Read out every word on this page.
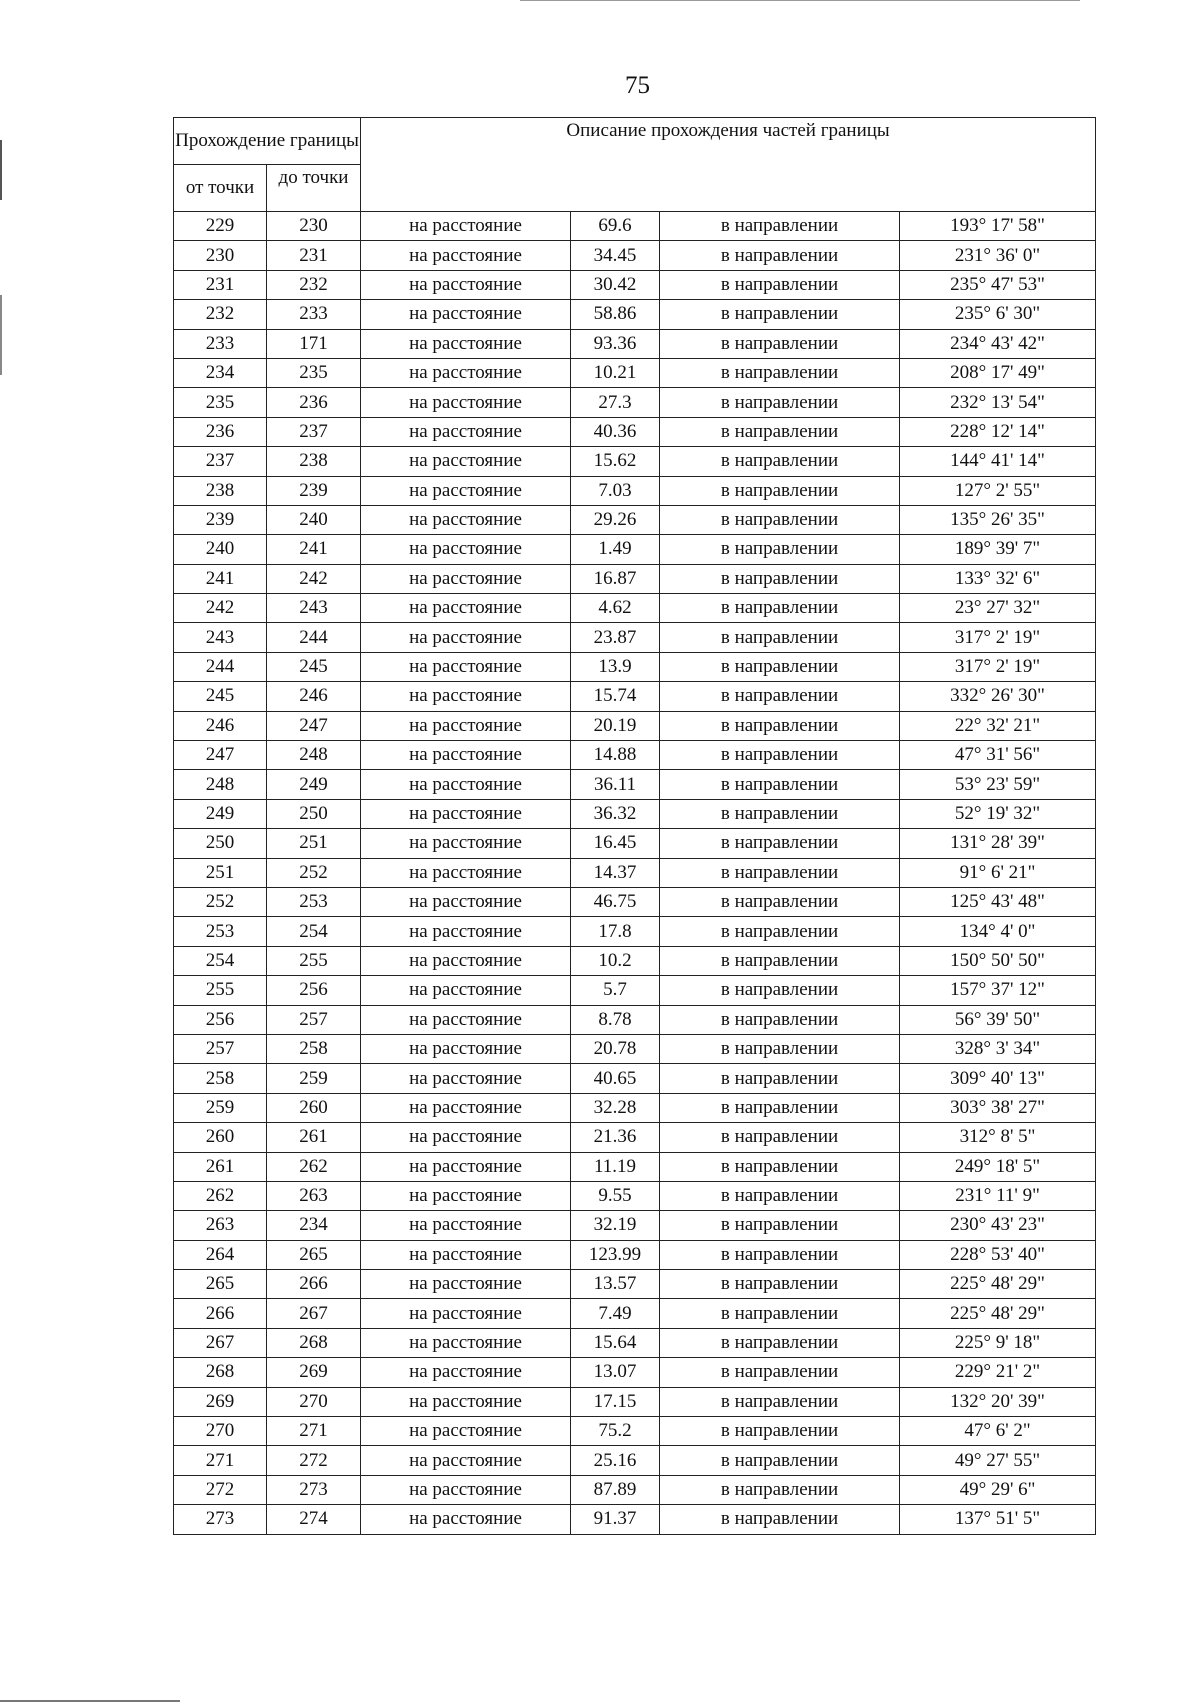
75
Прохождение границы		Описание прохождения частей границы			
от точки	до точки				
229	230	на расстояние	69.6	в направлении	193° 17' 58"
230	231	на расстояние	34.45	в направлении	231° 36' 0"
231	232	на расстояние	30.42	в направлении	235° 47' 53"
232	233	на расстояние	58.86	в направлении	235° 6' 30"
233	171	на расстояние	93.36	в направлении	234° 43' 42"
234	235	на расстояние	10.21	в направлении	208° 17' 49"
235	236	на расстояние	27.3	в направлении	232° 13' 54"
236	237	на расстояние	40.36	в направлении	228° 12' 14"
237	238	на расстояние	15.62	в направлении	144° 41' 14"
238	239	на расстояние	7.03	в направлении	127° 2' 55"
239	240	на расстояние	29.26	в направлении	135° 26' 35"
240	241	на расстояние	1.49	в направлении	189° 39' 7"
241	242	на расстояние	16.87	в направлении	133° 32' 6"
242	243	на расстояние	4.62	в направлении	23° 27' 32"
243	244	на расстояние	23.87	в направлении	317° 2' 19"
244	245	на расстояние	13.9	в направлении	317° 2' 19"
245	246	на расстояние	15.74	в направлении	332° 26' 30"
246	247	на расстояние	20.19	в направлении	22° 32' 21"
247	248	на расстояние	14.88	в направлении	47° 31' 56"
248	249	на расстояние	36.11	в направлении	53° 23' 59"
249	250	на расстояние	36.32	в направлении	52° 19' 32"
250	251	на расстояние	16.45	в направлении	131° 28' 39"
251	252	на расстояние	14.37	в направлении	91° 6' 21"
252	253	на расстояние	46.75	в направлении	125° 43' 48"
253	254	на расстояние	17.8	в направлении	134° 4' 0"
254	255	на расстояние	10.2	в направлении	150° 50' 50"
255	256	на расстояние	5.7	в направлении	157° 37' 12"
256	257	на расстояние	8.78	в направлении	56° 39' 50"
257	258	на расстояние	20.78	в направлении	328° 3' 34"
258	259	на расстояние	40.65	в направлении	309° 40' 13"
259	260	на расстояние	32.28	в направлении	303° 38' 27"
260	261	на расстояние	21.36	в направлении	312° 8' 5"
261	262	на расстояние	11.19	в направлении	249° 18' 5"
262	263	на расстояние	9.55	в направлении	231° 11' 9"
263	234	на расстояние	32.19	в направлении	230° 43' 23"
264	265	на расстояние	123.99	в направлении	228° 53' 40"
265	266	на расстояние	13.57	в направлении	225° 48' 29"
266	267	на расстояние	7.49	в направлении	225° 48' 29"
267	268	на расстояние	15.64	в направлении	225° 9' 18"
268	269	на расстояние	13.07	в направлении	229° 21' 2"
269	270	на расстояние	17.15	в направлении	132° 20' 39"
270	271	на расстояние	75.2	в направлении	47° 6' 2"
271	272	на расстояние	25.16	в направлении	49° 27' 55"
272	273	на расстояние	87.89	в направлении	49° 29' 6"
273	274	на расстояние	91.37	в направлении	137° 51' 5"
